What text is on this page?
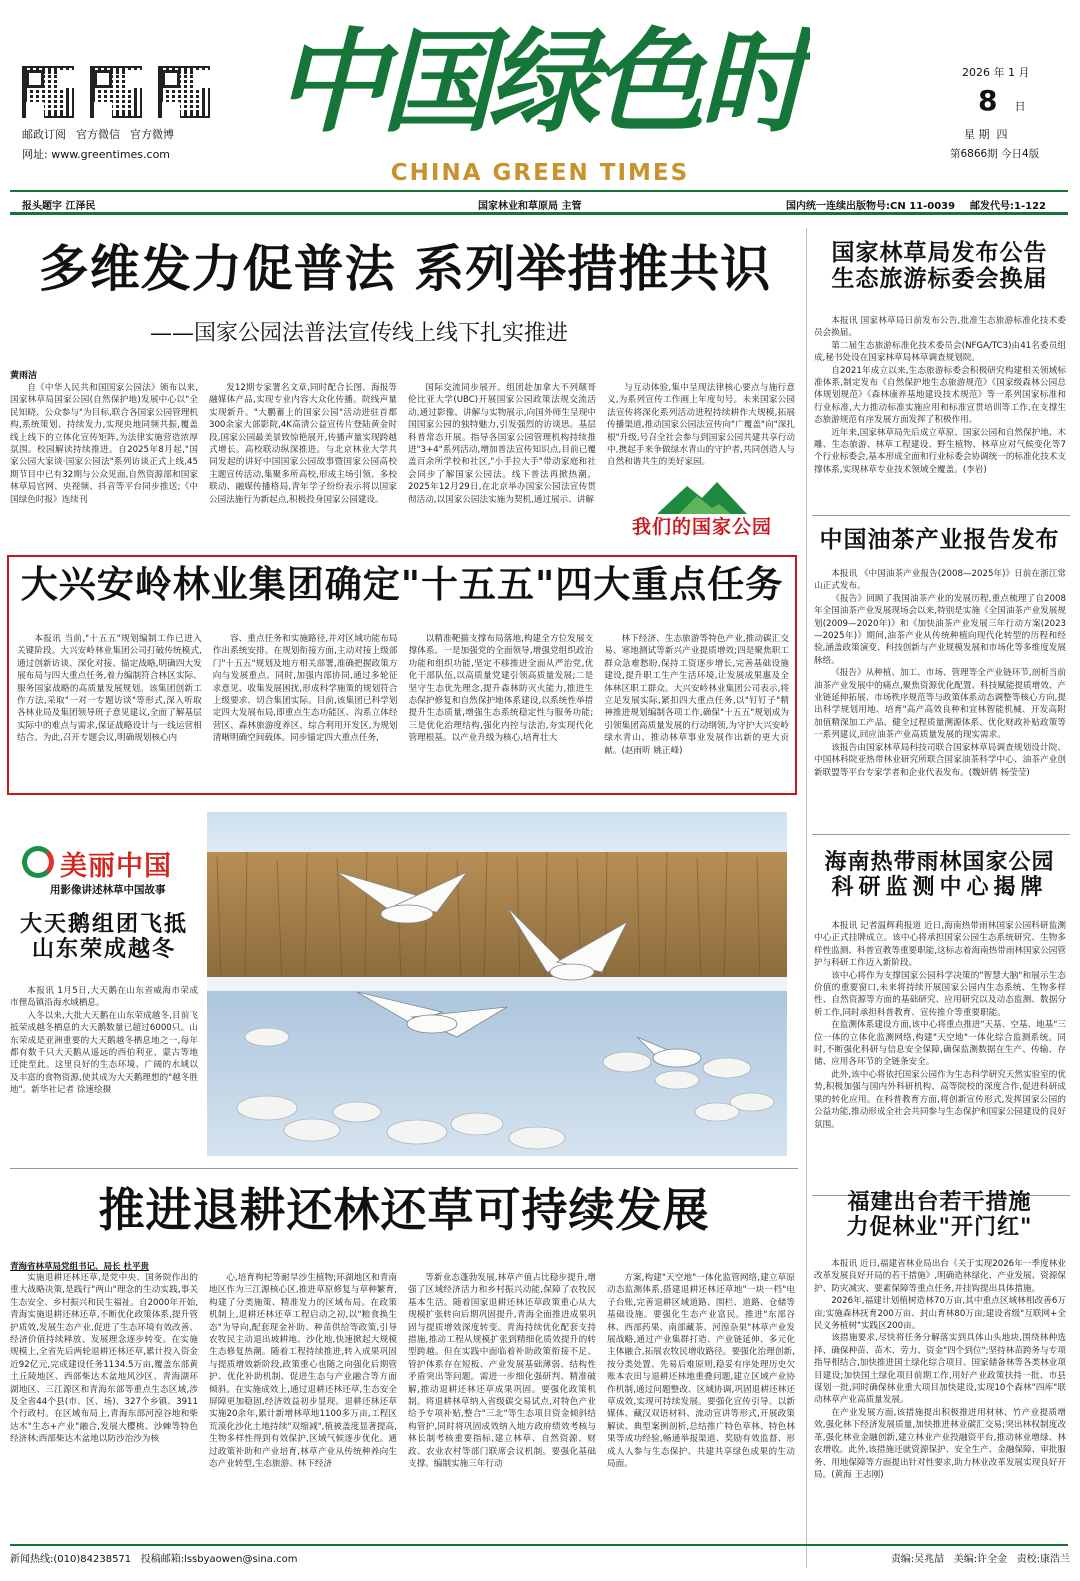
邮政订阅 官方微信 官方微博
网址: www.greentimes.com
中国绿色时
CHINA GREEN TIMES
2026 年 1 月
8 日
星 期  四
第6866期 今日4版
报头题字 江泽民	国家林业和草原局 主管	国内统一连续出版物号:CN 11-0039	邮发代号:1-122
多维发力促普法 系列举措推共识
——国家公园法普法宣传线上线下扎实推进
黄雨洁

自《中华人民共和国国家公园法》颁布以来,国家林草局国家公园(自然保护地)发展中心以"全民知晓、公众参与"为目标,联合各国家公园管理机构,系统策划、持续发力,实现央地同频共振,覆盖线上线下的立体化宣传矩阵,为法律实施营造浓厚氛围。校园解读持续推进。自2025年8月起,"国家公园大家谈·国家公园法"系列访谈正式上线,45期节目中已有32期与公众见面,自然资源部和国家林草局官网、央视频、抖音等平台同步推送;《中国绿色时报》连续刊

发12期专家署名文章,同时配合长图、海报等融媒体产品,实现专业内容大众化传播。院线声量实现新升。"大鹏蓄上的国家公园"活动进驻首都300余家大部影院,4K高清公益宣传片登陆黄金时段,国家公园最美景致惊艳展开,传播声量实现跨越式增长。高校联动纵深推进。与北京林业大学共同发起的讲好中国国家公园故事暨国家公园高校主题宣传活动,集聚多所高校,形成主场引领、多校联动、融媒传播格局,青年学子纷纷表示将以国家公园法施行为新起点,积极投身国家公园建设。

国际交流同步展开。组团赴加拿大不列颠哥伦比亚大学(UBC)开展国家公园政策法规交流活动,通过影像、讲解与实物展示,向国外师生呈现中国国家公园的独特魅力,引发强烈的访谈思。基层科普常态开展。指导各国家公园管理机构持续推进"3+4"系列活动,增加普法宣传知识点,目前已覆盖百余所学校和社区,"小手拉大手"带动家庭和社会同步了解国家公园法。线下普法再掀热潮。2025年12月29日,在北京举办国家公园法宣传贯彻活动,以国家公园法实施为契机,通过展示、讲解

与互动体验,集中呈现法律核心要点与施行意义,为系列宣传工作画上年度句号。未来国家公园法宣传将深化系列活动进程持续耕作大规模,拓展传播渠道,推动国家公园法宣传向"广覆盖"向"深扎根"升级,号召全社会参与到国家公园共建共享行动中,携起手来争做绿水青山的守护者,共同创造人与自然和谐共生的美好家园。

我们的国家公园
国家林草局发布公告
生态旅游标委会换届

本报讯 国家林草局日前发布公告,批准生态旅游标准化技术委员会换届。

第二届生态旅游标准化技术委员会(NFGA/TC3)由41名委员组成,秘书处设在国家林草局林草调查规划院。

自2021年成立以来,生态旅游标委会积极研究构建相关领域标准体系,制定发布《自然保护地生态旅游规范》《国家级森林公园总体规划规范》《森林康养基地建设技术规范》等一系列国家标准和行业标准,大力推动标准实施应用和标准宣贯培训等工作,在支撑生态旅游规范有序发展方面发挥了积极作用。

近年来,国家林草局先后成立草原、国家公园和自然保护地、木雕、生态旅游、林草工程建设、野生植物、林草应对气候变化等7个行业标委会,基本形成全面和行业标委会协调统一的标准化技术支撑体系,实现林草专业技术领域全覆盖。(李岩)

大兴安岭林业集团确定"十五五"四大重点任务

本报讯 当前,"十五五"规划编制工作已进入关键阶段。大兴安岭林业集团公司打破传统模式,通过创新访谈、深化对接、锚定战略,明确四大发展布局与四大重点任务,着力编制符合林区实际、服务国家战略的高质量发展规划。该集团创新工作方法,采取"一对一专题访谈"等形式,深入听取各林业局及集团领导班子意见建议,全面了解基层实际中的难点与需求,保证战略设计与一线运营相结合。为此,召开专题会议,明确规划核心内

容、重点任务和实施路径,并对区域功能布局作出系统安排。在规划衔接方面,主动对接上级部门"十五五"规划及地方相关部署,准确把握政策方向与发展重点。同时,加强内部协同,通过多轮征求意见、收集发展困扰,形成科学施策的规划符合上级要求、切合集团实际。目前,该集团已科学划定四大发展布局,即重点生态功能区、沟系立体经营区、森林旅游度养区、综合利用开发区,为规划清晰明确空间载体。同步锚定四大重点任务,

以精准靶描支撑布局落地,构建全方位发展支撑体系。一是加强党的全面领导,增强党组织政治功能和组织功能,坚定不移推进全面从严治党,优化干部队伍,以高质量党建引领高质量发展;二是坚守生态优先理念,提升森林防灭火能力,推进生态保护修复和自然保护地体系建设,以系统性举措提升生态质量,增强生态系统稳定性与服务功能;三是优化治理结构,强化内控与法治,夯实现代化管理根基。以产业升级为核心,培育壮大

林下经济、生态旅游等特色产业,推动碳汇交易、寒地测试等新兴产业提质增效;四是聚焦职工群众急难愁盼,保持工资逐步增长,完善基础设施建设,提升职工生产生活环境,让发展成果惠及全体林区职工群众。大兴安岭林业集团公司表示,将立足发展实际,紧扣四大重点任务,以"钉钉子"精神推进规划编制各项工作,确保"十五五"规划成为引领集团高质量发展的行动纲领,为守护大兴安岭绿水青山、推动林草事业发展作出新的更大贡献。(赵雨昕 姚正峰)

中国油茶产业报告发布

本报讯 《中国油茶产业报告(2008—2025年)》日前在浙江常山正式发布。

《报告》回顾了我国油茶产业的发展历程,重点梳理了自2008年全国油茶产业发展现场会以来,特别是实施《全国油茶产业发展规划(2009—2020年)》和《加快油茶产业发展三年行动方案(2023—2025年)》期间,油茶产业从传统种植向现代化转型的历程和经验,涵盖政策演变、科技创新与产业规模发展和市场化等多维度发展脉络。

《报告》从种植、加工、市场、管理等全产业链环节,剖析当前油茶产业发展中的痛点,聚焦资源优化配置、科技赋能提质增效、产业链延伸拓展、市场秩序规范等与政策体系动态调整等核心方向,提出科学规划用地、培育"高产高效良种和宜林智能机械、开发高附加值精深加工产品、健全过程质量溯源体系、优化财政补贴政策等一系列建议,回应油茶产业高质量发展的现实需求。

该报告由国家林草局科技司联合国家林草局调查规划设计院、中国林科院亚热带林业研究所联合国家油茶科学中心、油茶产业创新联盟等平台专家学者和企业代表发布。(魏妍倩 杨莹莹)

美丽中国
用影像讲述林草中国故事
大天鹅组团飞抵
山东荣成越冬

本报讯 1月5日,大天鹅在山东省威海市荣成市俚岛镇沿海水域栖息。

入冬以来,大批大天鹅在山东荣成越冬,目前飞抵荣成越冬栖息的大天鹅数量已超过6000只。山东荣成是亚洲重要的大天鹅越冬栖息地之一,每年都有数千只大天鹅从遥远的西伯利亚、蒙古等地迁徙至此。这里良好的生态环境、广阔的水域以及丰富的食物资源,使其成为大天鹅理想的"越冬胜地"。新华社记者 徐速绘摄

海南热带雨林国家公园
科研监测中心揭牌

本报讯 记者温辉莉报道 近日,海南热带雨林国家公园科研监测中心正式挂牌成立。该中心将承担国家公园生态系统研究、生物多样性监测、科普宣教等重要职能,这标志着海南热带雨林国家公园管护与科研工作迈入新阶段。

该中心将作为支撑国家公园科学决策的"智慧大脑"和展示生态价值的重要窗口,未来将持续开展国家公园内生态系统、生物多样性、自然资源等方面的基础研究、应用研究以及动态监测、数据分析工作,同时承担科普教育、宣传推介等重要职能。

在监测体系建设方面,该中心将重点推进"天基、空基、地基"三位一体的立体化监测网络,构建"天空地"一体化综合监测系统。同时,不断强化科研与信息安全保障,确保监测数据在生产、传输、存储、应用各环节的全链条安全。

此外,该中心将依托国家公园作为生态科学研究天然实验室的优势,积极加强与国内外科研机构、高等院校的深度合作,促进科研成果的转化应用。在科普教育方面,将创新宣传形式,发挥国家公园的公益功能,推动形成全社会共同参与生态保护和国家公园建设的良好氛围。

推进退耕还林还草可持续发展
青海省林草局党组书记、局长 杜平贵

实施退耕还林还草,是党中央、国务院作出的重大战略决策,是践行"两山"理念的生动实践,事关生态安全、乡村振兴和民生福祉。自2000年开始,青海实施退耕还林还草,不断优化政策体系,提升管护质效,发展生态产业,促进了生态环境有效改善、经济价值持续释放、发展理念逐步转变。在实施规模上,全省先后两轮退耕还林还草,累计投入资金近92亿元,完成建设任务1134.5万亩,覆盖东部黄土丘陵地区、西部柴达木盆地风沙区、青海湖环湖地区、三江源区和青海东部等重点生态区域,涉及全省44个县(市、区、场)、327个乡镇、3911个行政村。在区域布局上,青海东部河湟谷地和柴达木"生态+产业"融合,发展大樱桃、沙棘等特色经济林;西部柴达木盆地以防沙治沙为核

心,培育枸杞等耐旱沙生植物;环湖地区和青南地区作为三江源核心区,推进草原修复与草种繁育,构建了分类施策、精准发力的区域布局。在政策机制上,退耕还林还草工程启动之初,以"粮食换生态"为导向,配套现金补助、种苗供给等政策,引导农牧民主动退出坡耕地、沙化地,快速掀起大规模生态修复热潮。随着工程持续推进,转入成果巩固与提质增效新阶段,政策重心也随之向强化后期管护、优化补助机制、促进生态与产业融合等方面倾斜。在实施成效上,通过退耕还林还草,生态安全屏障更加稳固,经济效益初步显现。退耕还林还草实施20余年,累计新增林草地1100多万亩,工程区荒漠化沙化土地持续"双缩减",植被盖度显著提高,生物多样性得到有效保护,区域气候逐步优化。通过政策补助和产业培育,林草产业从传统种养向生态产业转型,生态旅游、林下经济

等新业态蓬勃发展,林草产值占比稳步提升,增强了区域经济活力和乡村振兴动能,保障了农牧民基本生活。随着国家退耕还林还草政策重心从大规模扩张转向后期巩固提升,青海全面推进成果巩固与提质增效深度转变。青海持续优化配套支持措施,推动工程从规模扩张到精细化质效提升的转型跨越。但在实践中面临着补助政策衔接不足、管护体系存在短板、产业发展基础薄弱、结构性矛盾突出等问题。需进一步细化强研判、精准破解,推动退耕还林还草成果巩固。要强化政策机制。将退耕林草纳入省级碳交易试点,对特色产业给予专项补贴,整合"三北"等生态项目资金倾斜结构管护,同时将巩固成效纳入地方政府绩效考核与林长制考核重要指标,建立林草、自然资源、财政、农业农村等部门联席会议机制。要强化基础支撑。编制实施三年行动

方案,构建"天空地"一体化监管网络,建立草原动态监测体系,搭建退耕还林还草地"一块一档"电子台账,完善退耕区域道路、围栏、道路、仓储等基础设施。要强化生态产业富民。推进"东部谷林、西部药果、南部藏茶、河湟杂果"林草产业发展战略,通过产业集群打造、产业链延伸、多元化主体融合,拓展农牧民增收路径。要强化治理创新,按分类处置、先易后难原则,稳妥有序处理历史欠账本农田与退耕还林地重叠问题,建立区域产业协作机制,通过问题整改、区域协调,巩固退耕还林还草成效,实现可持续发展。要强化宣传引导。以新媒体、藏汉双语材料、流动宣讲等形式,开展政策解读、典型案例剖析,总结推广特色草林、特色林果等成功经验,畅通举报渠道、奖励有效监督、形成人人参与生态保护、共建共享绿色成果的生动局面。

福建出台若干措施
力促林业"开门红"

本报讯 近日,福建省林业局出台《关于实现2026年一季度林业改革发展良好开局的若干措施》,明确造林绿化、产业发展、资源保护、防灾减灾、要素保障等重点任务,并挂钩提出具体措施。

2026年,福建计划植树造林70万亩,其中重点区域林相改善6万亩;实施森林抚育200万亩、封山育林80万亩;建设省级"互联网+全民义务植树"实践区200亩。

该措施要求,尽快将任务分解落实到具体山头地块,围绕林种选择、确保种苗、苗木、劳力、资金"四个到位";坚持林苗跨务与专项指导相结合,加快推进国土绿化综合项目、国家储备林等各类林业项目建设;加快国土绿化项目前期工作,用好产业政策扶持一批、市县谋划一批,同时确保林业重大项目加快建设,实现10个森林"四库"联动林草产业高质量发展。

在产业发展方面,该措施提出积极推进用材林、竹产业提质增效,强化林下经济发展质量,加快推进林业碳汇交易;突出林权制度改革,强化林业金融创新,建立林业产业投融资平台,推动林业增绿、林农增收。此外,该措施还就资源保护、安全生产、金融保障、审批服务、用地保障等方面提出针对性要求,助力林业改革发展实现良好开局。(黄海 王志刚)

新闻热线:(010)84238571   投稿邮箱:lssbyaowen@sina.com	责编:吴兆喆   美编:许全金   责校:康浩兰
